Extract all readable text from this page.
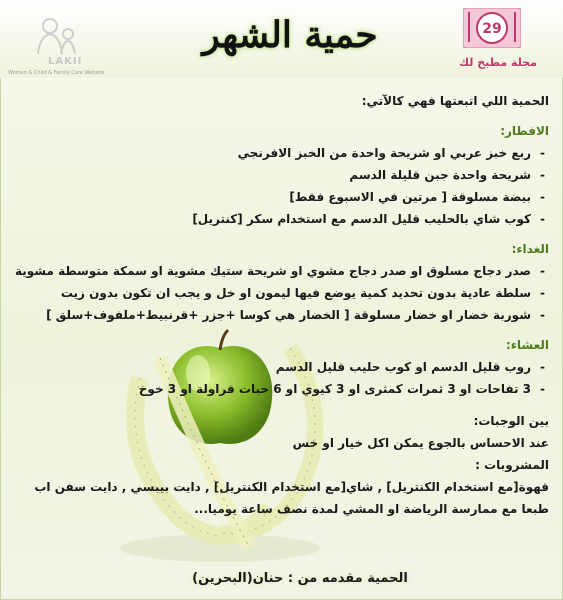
29
مجلة مطبخ لك
LAKII
Women & Child & Family Care Website
حمية الشهر
الحمية اللي اتبعتها فهي كالآتي:
الافطار:
- ربع خبز عربي او شريحة واحدة من الخبز الافرنجي
- شريحة واحدة جبن قليلة الدسم
- بيضة مسلوقة [ مرتين في الاسبوع فقط]
- كوب شاي بالحليب قليل الدسم مع استخدام سكر [كنتريل]
الغداء:
- صدر دجاج مسلوق او صدر دجاج مشوي او شريحة ستيك مشوية او سمكة متوسطة مشوية
- سلطة عادية بدون تحديد كمية يوضع فيها ليمون او خل و يجب ان تكون بدون زيت
- شوربة خضار او خضار مسلوقة [ الخضار هي كوسا +جزر +قرنبيط+ملفوف+سلق ]
العشاء:
- روب قليل الدسم او كوب حليب قليل الدسم
- 3 تفاحات او 3 ثمرات كمثرى او 3 كيوي او 6 حبات فراولة او 3 خوخ
بين الوجبات:
عند الاحساس بالجوع يمكن اكل خيار او خس
المشروبات :
قهوة[مع استخدام الكنتريل] , شاي[مع استخدام الكنتريل] , دايت بيبسي , دايت سفن اب
طبعا مع ممارسة الرياضة او المشي لمدة نصف ساعة يوميا...
الحمية مقدمه من : حنان(البحرين)
